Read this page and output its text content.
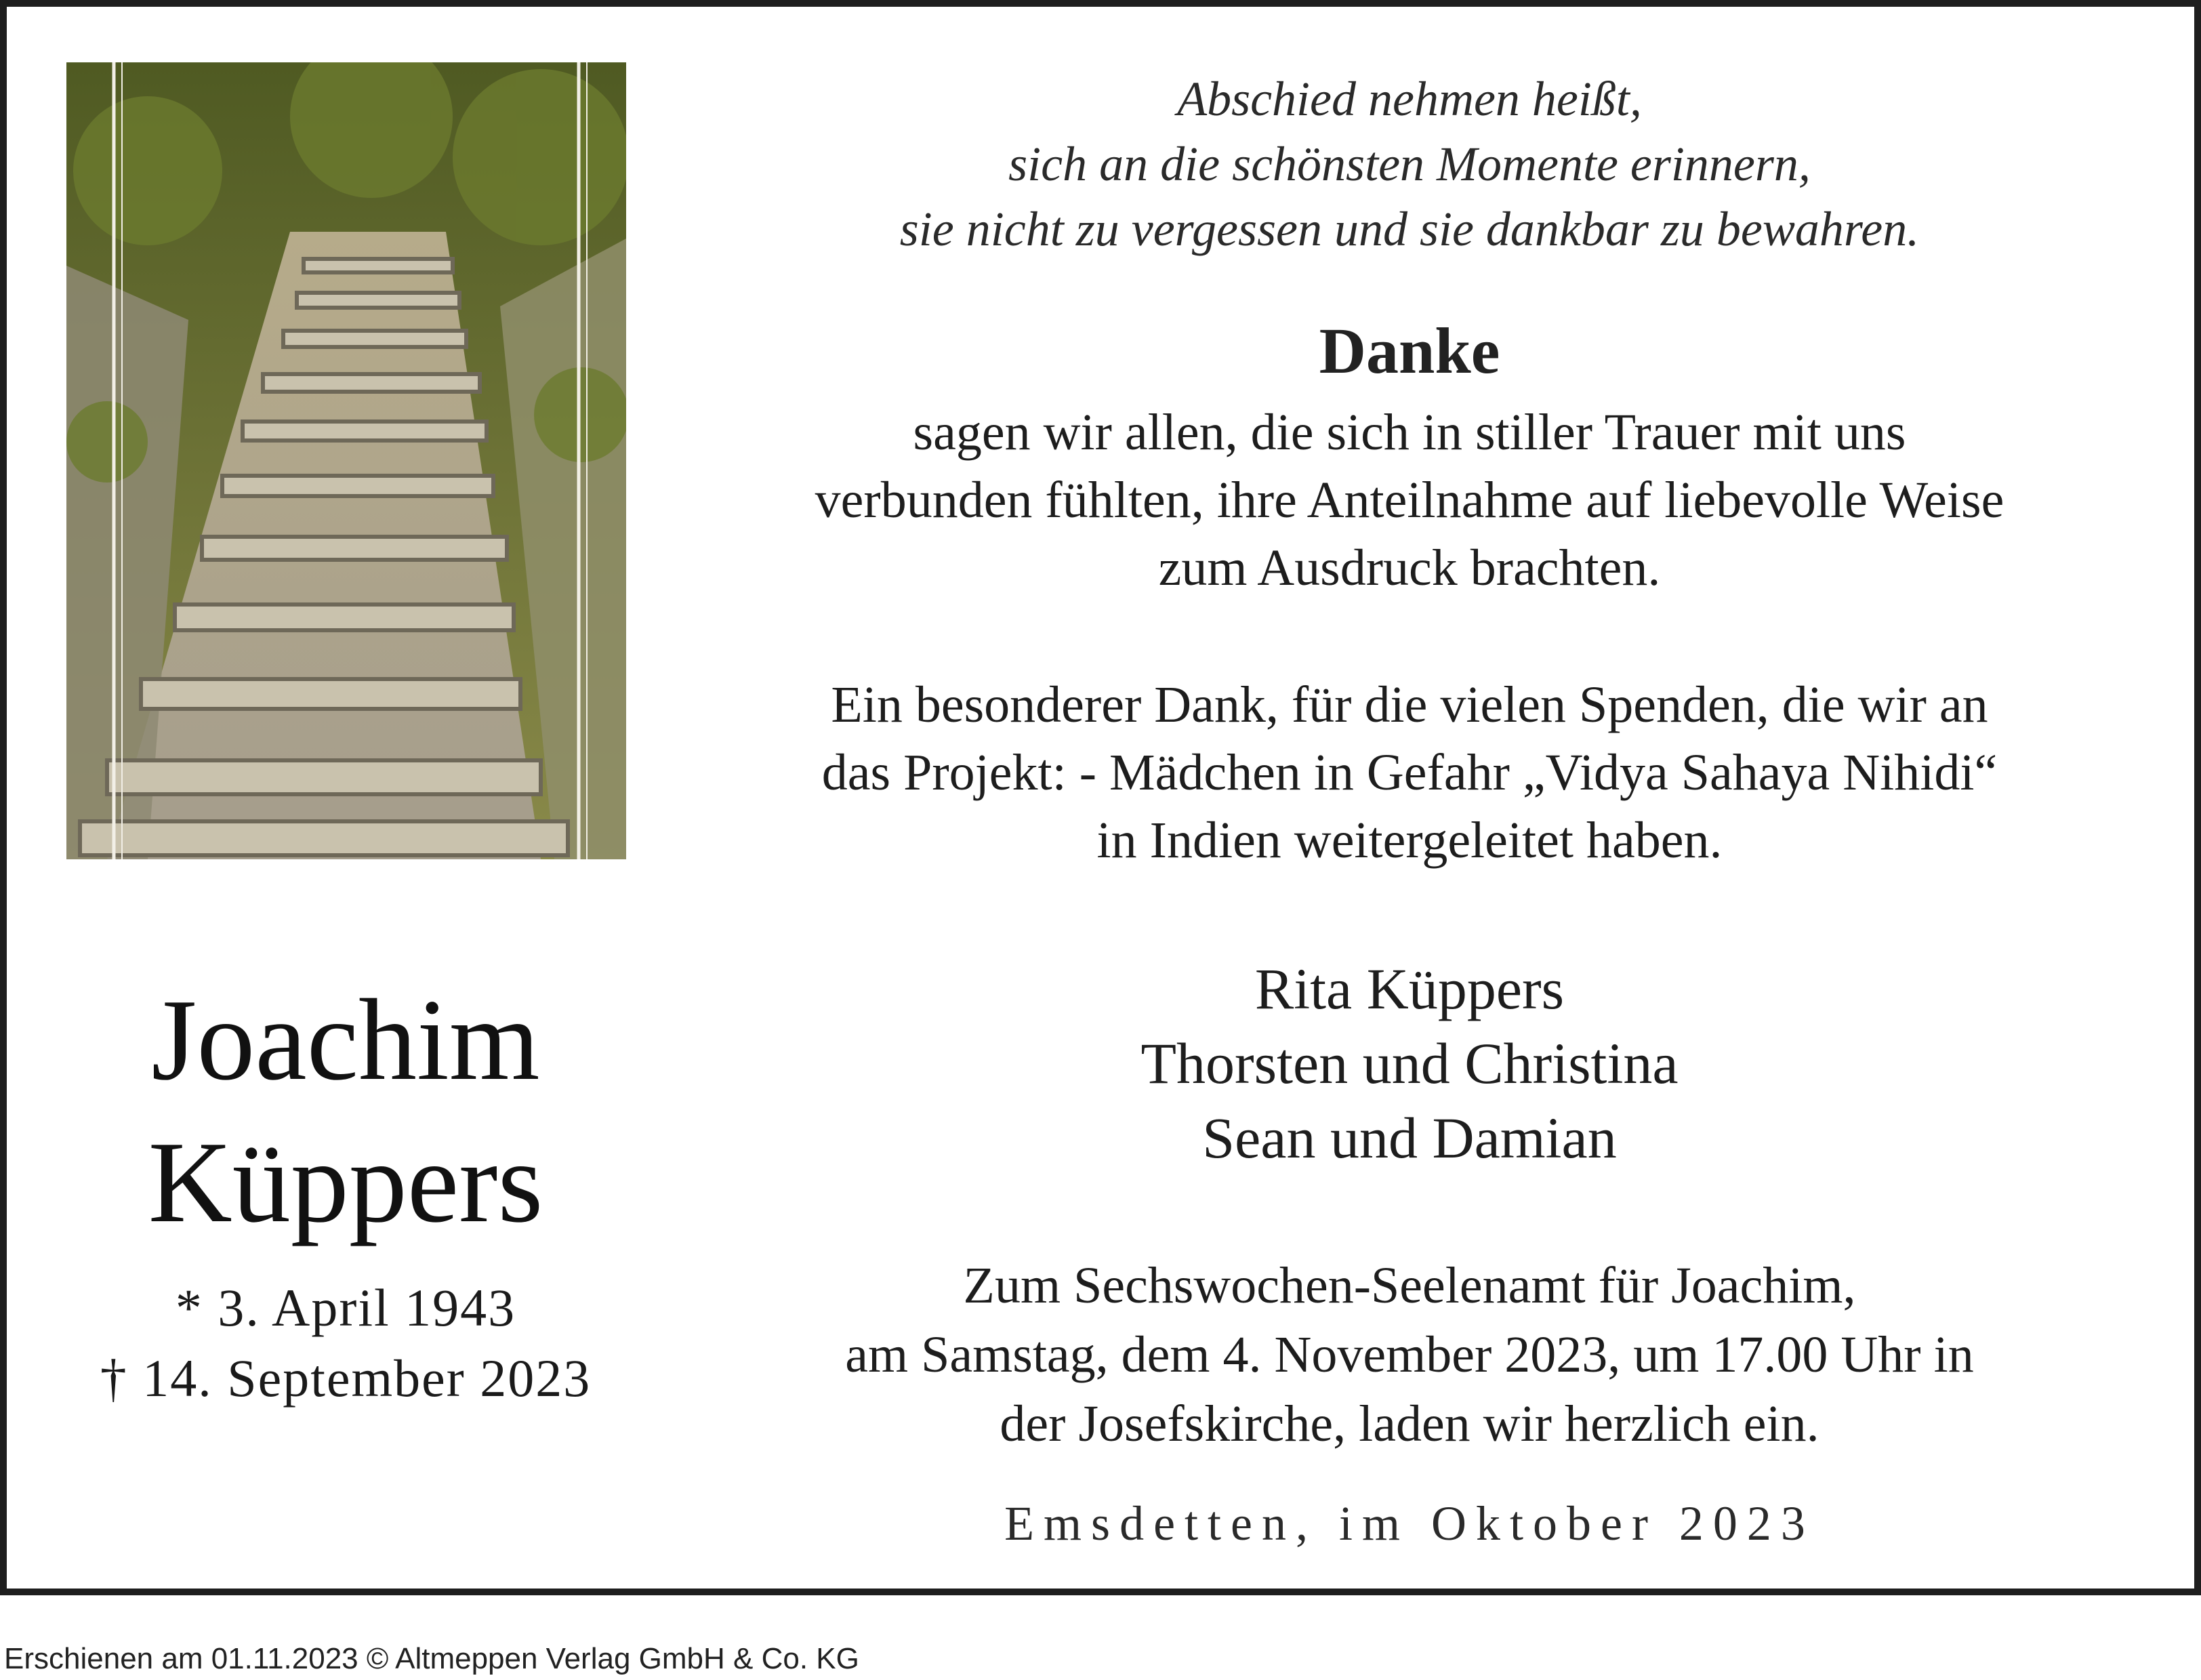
Joachim
Küppers
* 3. April 1943
† 14. September 2023
Abschied nehmen heißt,
sich an die schönsten Momente erinnern,
sie nicht zu vergessen und sie dankbar zu bewahren.
Danke
sagen wir allen, die sich in stiller Trauer mit uns
verbunden fühlten, ihre Anteilnahme auf liebevolle Weise
zum Ausdruck brachten.
Ein besonderer Dank, für die vielen Spenden, die wir an
das Projekt: - Mädchen in Gefahr „Vidya Sahaya Nihidi“
in Indien weitergeleitet haben.
Rita Küppers
Thorsten und Christina
Sean und Damian
Zum Sechswochen-Seelenamt für Joachim,
am Samstag, dem 4. November 2023, um 17.00 Uhr in
der Josefskirche, laden wir herzlich ein.
Emsdetten, im Oktober 2023
Erschienen am 01.11.2023 © Altmeppen Verlag GmbH & Co. KG
